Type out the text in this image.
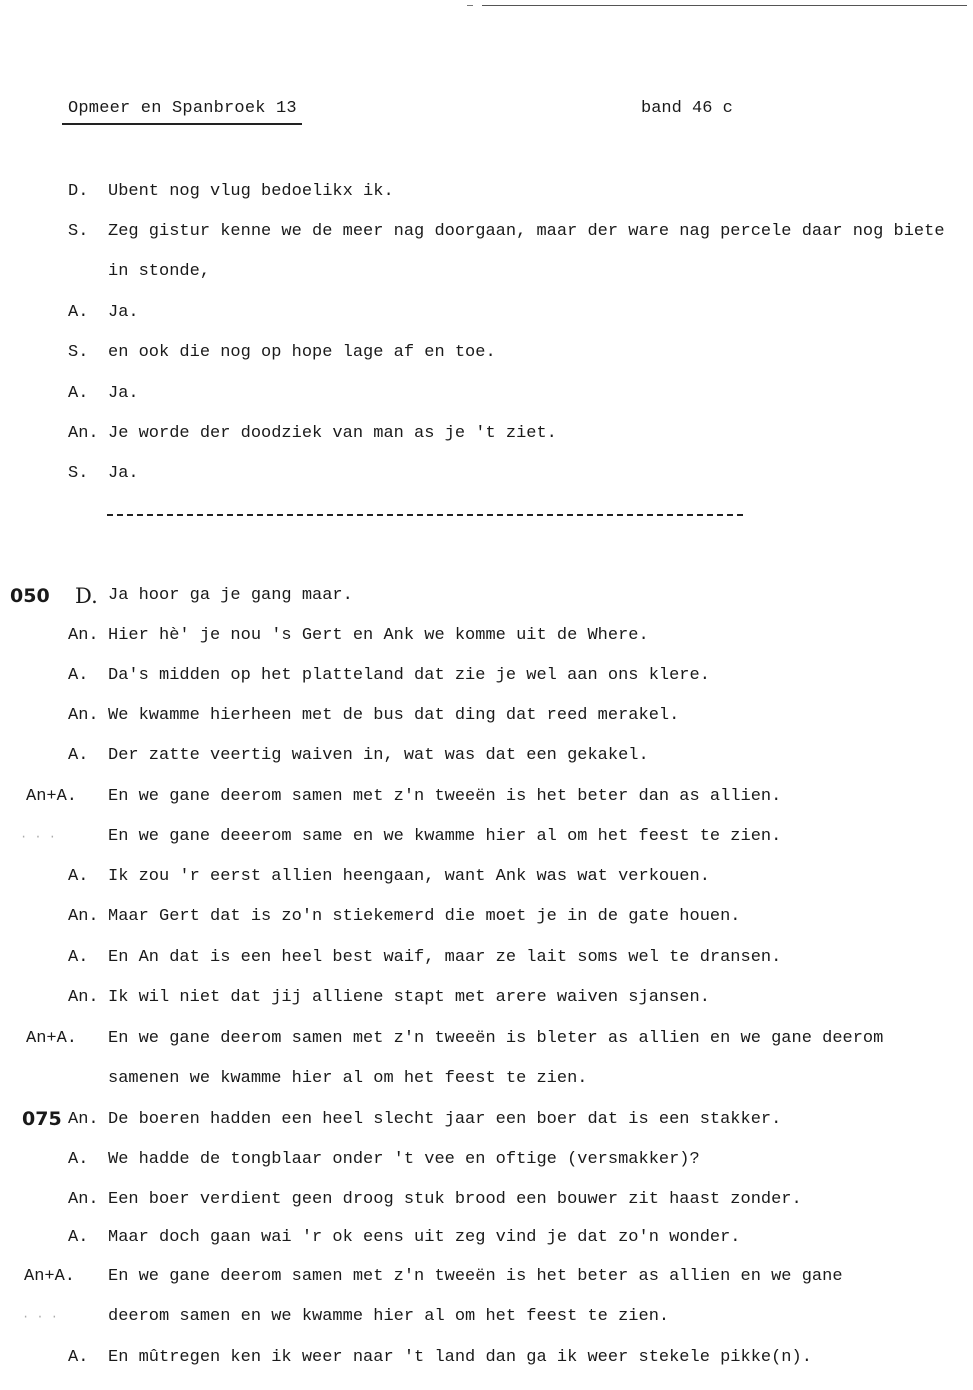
Opmeer en Spanbroek 13	band 46 c
D. Ubent nog vlug bedoelikx ik.
S. Zeg gistur kenne we de meer nag doorgaan, maar der ware nag percele daar nog biete
in stonde,
A. Ja.
S. en ook die nog op hope lage af en toe.
A. Ja.
An. Je worde der doodziek van man as je 't ziet.
S. Ja.
050 D. Ja hoor ga je gang maar.
An. Hier hè' je nou 's Gert en Ank we komme uit de Where.
A. Da's midden op het platteland dat zie je wel aan ons klere.
An. We kwamme hierheen met de bus dat ding dat reed merakel.
A. Der zatte veertig waiven in, wat was dat een gekakel.
An+A. En we gane deerom samen met z'n tweeën is het beter dan as allien.
· · ·	En we gane deeerom same en we kwamme hier al om het feest te zien.
A. Ik zou 'r eerst allien heengaan, want Ank was wat verkouen.
An. Maar Gert dat is zo'n stiekemerd die moet je in de gate houen.
A. En An dat is een heel best waif, maar ze lait soms wel te dransen.
An. Ik wil niet dat jij alliene stapt met arere waiven sjansen.
An+A. En we gane deerom samen met z'n tweeën is bleter as allien en we gane deerom
samenen we kwamme hier al om het feest te zien.
075 An. De boeren hadden een heel slecht jaar een boer dat is een stakker.
A. We hadde de tongblaar onder 't vee en oftige (versmakker)?
An. Een boer verdient geen droog stuk brood een bouwer zit haast zonder.
A. Maar doch gaan wai 'r ok eens uit zeg vind je dat zo'n wonder.
An+A. En we gane deerom samen met z'n tweeën is het beter as allien en we gane
· · ·	deerom samen en we kwamme hier al om het feest te zien.
A. En mûtregen ken ik weer naar 't land dan ga ik weer stekele pikke(n).
